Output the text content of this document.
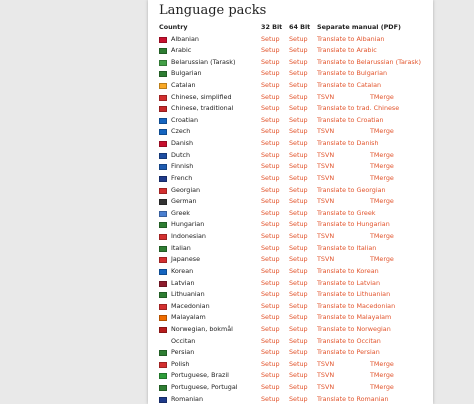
Language packs
Country	32 Bit 64 Bit Separate manual (PDF)
Albanian	Setup Setup Translate to Albanian
Arabic	Setup Setup Translate to Arabic
Belarussian (Tarask)	Setup Setup Translate to Belarussian (Tarask)
Bulgarian	Setup Setup Translate to Bulgarian
Catalan	Setup Setup Translate to Catalan
Chinese, simplified	Setup Setup TSVN	TMerge
Chinese, traditional	Setup Setup Translate to trad. Chinese
Croatian	Setup Setup Translate to Croatian
Czech	Setup Setup TSVN	TMerge
Danish	Setup Setup Translate to Danish
Dutch	Setup Setup TSVN	TMerge
Finnish	Setup Setup TSVN	TMerge
French	Setup Setup TSVN	TMerge
Georgian	Setup Setup Translate to Georgian
German	Setup Setup TSVN	TMerge
Greek	Setup Setup Translate to Greek
Hungarian	Setup Setup Translate to Hungarian
Indonesian	Setup Setup TSVN	TMerge
Italian	Setup Setup Translate to Italian
Japanese	Setup Setup TSVN	TMerge
Korean	Setup Setup Translate to Korean
Latvian	Setup Setup Translate to Latvian
Lithuanian	Setup Setup Translate to Lithuanian
Macedonian	Setup Setup Translate to Macedonian
Malayalam	Setup Setup Translate to Malayalam
Norwegian, bokmål	Setup Setup Translate to Norwegian
Occitan	Setup Setup Translate to Occitan
Persian	Setup Setup Translate to Persian
Polish	Setup Setup TSVN	TMerge
Portuguese, Brazil	Setup Setup TSVN	TMerge
Portuguese, Portugal	Setup Setup TSVN	TMerge
Romanian	Setup Setup Translate to Romanian
